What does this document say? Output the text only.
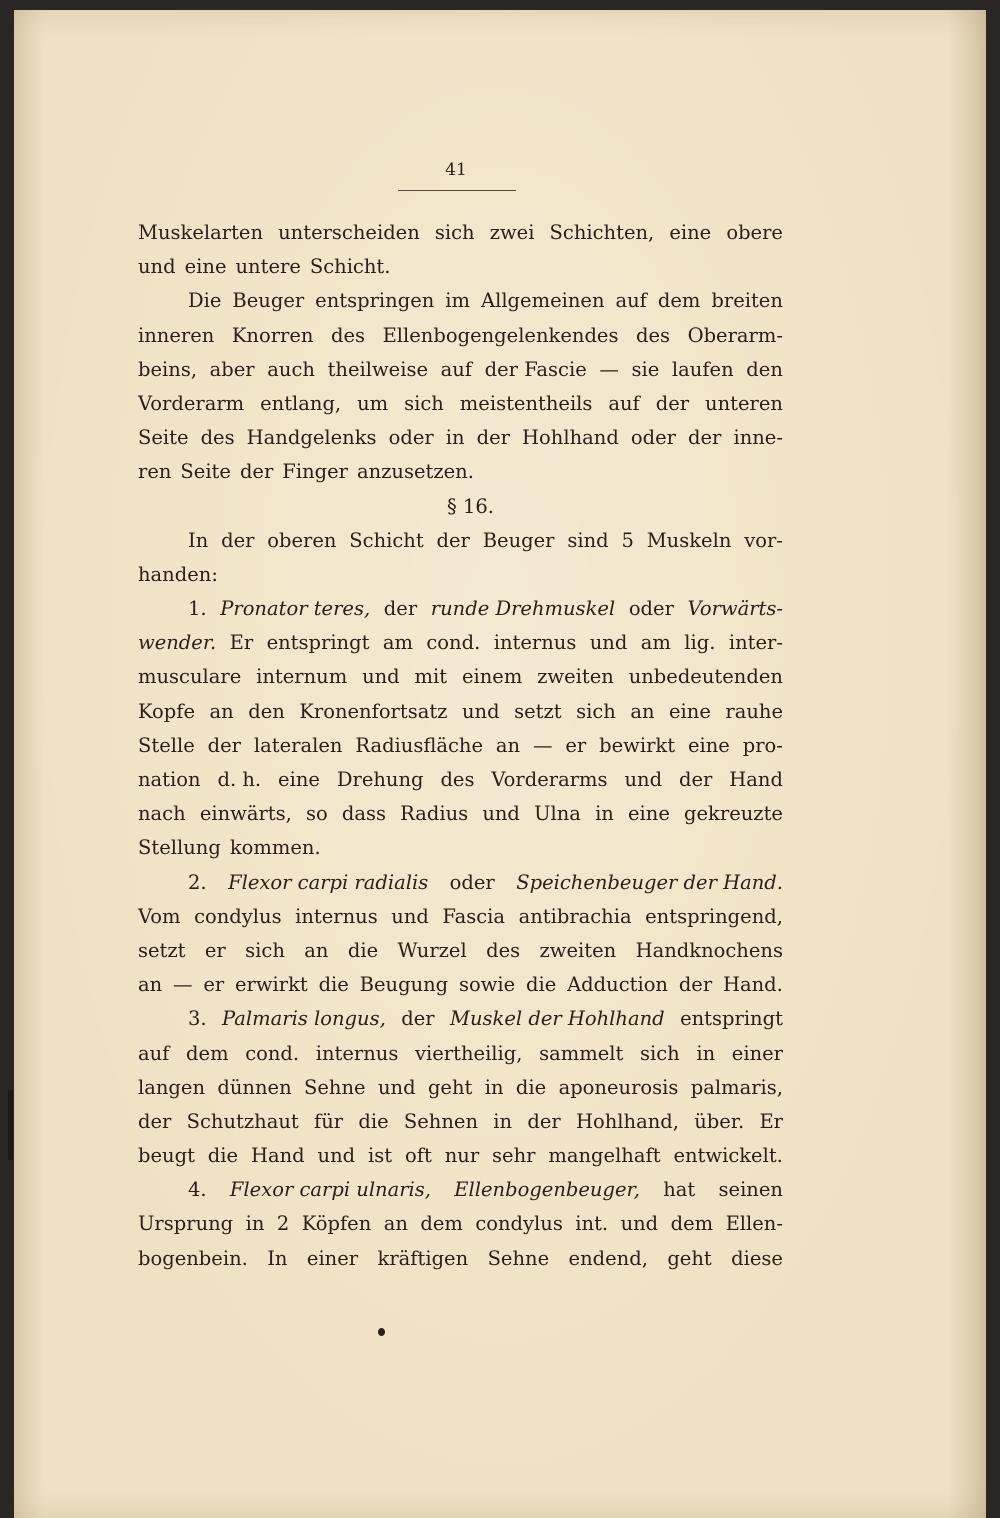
41
Muskelarten unterscheiden sich zwei Schichten, eine obere
und eine untere Schicht.
Die Beuger entspringen im Allgemeinen auf dem breiten
inneren Knorren des Ellenbogengelenkendes des Oberarm-
beins, aber auch theilweise auf der Fascie — sie laufen den
Vorderarm entlang, um sich meistentheils auf der unteren
Seite des Handgelenks oder in der Hohlhand oder der inne-
ren Seite der Finger anzusetzen.
§ 16.
In der oberen Schicht der Beuger sind 5 Muskeln vor-
handen:
1. Pronator teres, der runde Drehmuskel oder Vorwärts-
wender. Er entspringt am cond. internus und am lig. inter-
musculare internum und mit einem zweiten unbedeutenden
Kopfe an den Kronenfortsatz und setzt sich an eine rauhe
Stelle der lateralen Radiusfläche an — er bewirkt eine pro-
nation d. h. eine Drehung des Vorderarms und der Hand
nach einwärts, so dass Radius und Ulna in eine gekreuzte
Stellung kommen.
2. Flexor carpi radialis oder Speichenbeuger der Hand.
Vom condylus internus und Fascia antibrachia entspringend,
setzt er sich an die Wurzel des zweiten Handknochens
an — er erwirkt die Beugung sowie die Adduction der Hand.
3. Palmaris longus, der Muskel der Hohlhand entspringt
auf dem cond. internus viertheilig, sammelt sich in einer
langen dünnen Sehne und geht in die aponeurosis palmaris,
der Schutzhaut für die Sehnen in der Hohlhand, über. Er
beugt die Hand und ist oft nur sehr mangelhaft entwickelt.
4. Flexor carpi ulnaris, Ellenbogenbeuger, hat seinen
Ursprung in 2 Köpfen an dem condylus int. und dem Ellen-
bogenbein. In einer kräftigen Sehne endend, geht diese
